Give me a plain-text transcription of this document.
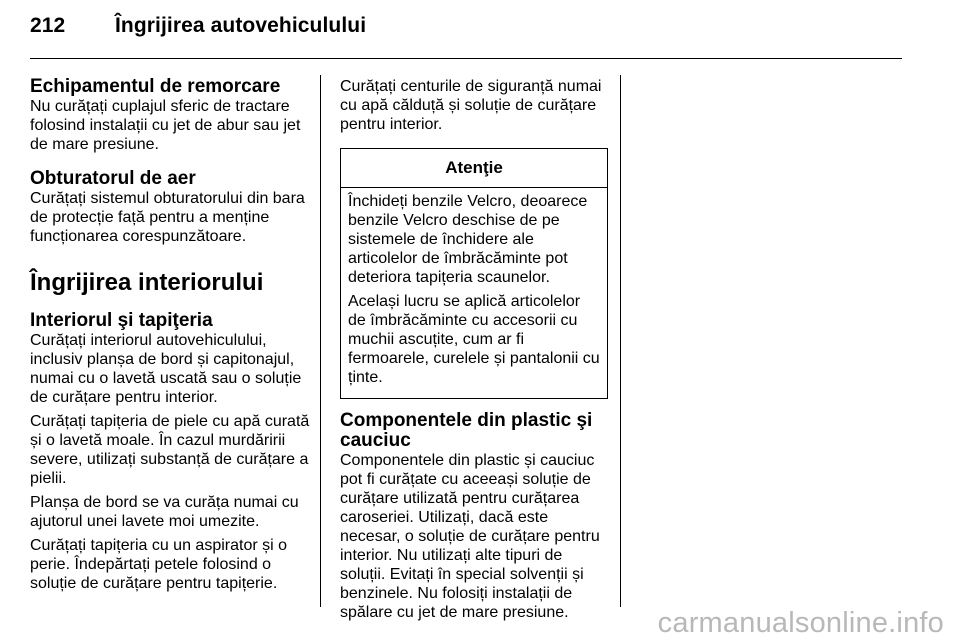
212 Îngrijirea autovehiculului
Echipamentul de remorcare

Nu curățați cuplajul sferic de tractare folosind instalații cu jet de abur sau jet de mare presiune.

Obturatorul de aer

Curățați sistemul obturatorului din bara de protecție față pentru a menține funcționarea corespunzătoare.

Îngrijirea interiorului
Interiorul şi tapiţeria

Curățați interiorul autovehiculului, inclusiv planșa de bord și capitonajul, numai cu o lavetă uscată sau o soluție de curățare pentru interior.

Curățați tapițeria de piele cu apă curată și o lavetă moale. În cazul murdăririi severe, utilizați substanță de curățare a pielii.

Planșa de bord se va curăța numai cu ajutorul unei lavete moi umezite.

Curățați tapițeria cu un aspirator și o perie. Îndepărtați petele folosind o soluție de curățare pentru tapițerie.

Curățați centurile de siguranță numai cu apă călduță și soluție de curățare pentru interior.

Atenţie

Închideți benzile Velcro, deoarece benzile Velcro deschise de pe sistemele de închidere ale articolelor de îmbrăcăminte pot deteriora tapițeria scaunelor.

Același lucru se aplică articolelor de îmbrăcăminte cu accesorii cu muchii ascuțite, cum ar fi fermoarele, curelele și pantalonii cu ținte.

Componentele din plastic şi cauciuc

Componentele din plastic și cauciuc pot fi curățate cu aceeași soluție de curățare utilizată pentru curățarea caroseriei. Utilizați, dacă este necesar, o soluție de curățare pentru interior. Nu utilizați alte tipuri de soluții. Evitați în special solvenții și benzinele. Nu folosiți instalații de spălare cu jet de mare presiune.	carmanualsonline.info
